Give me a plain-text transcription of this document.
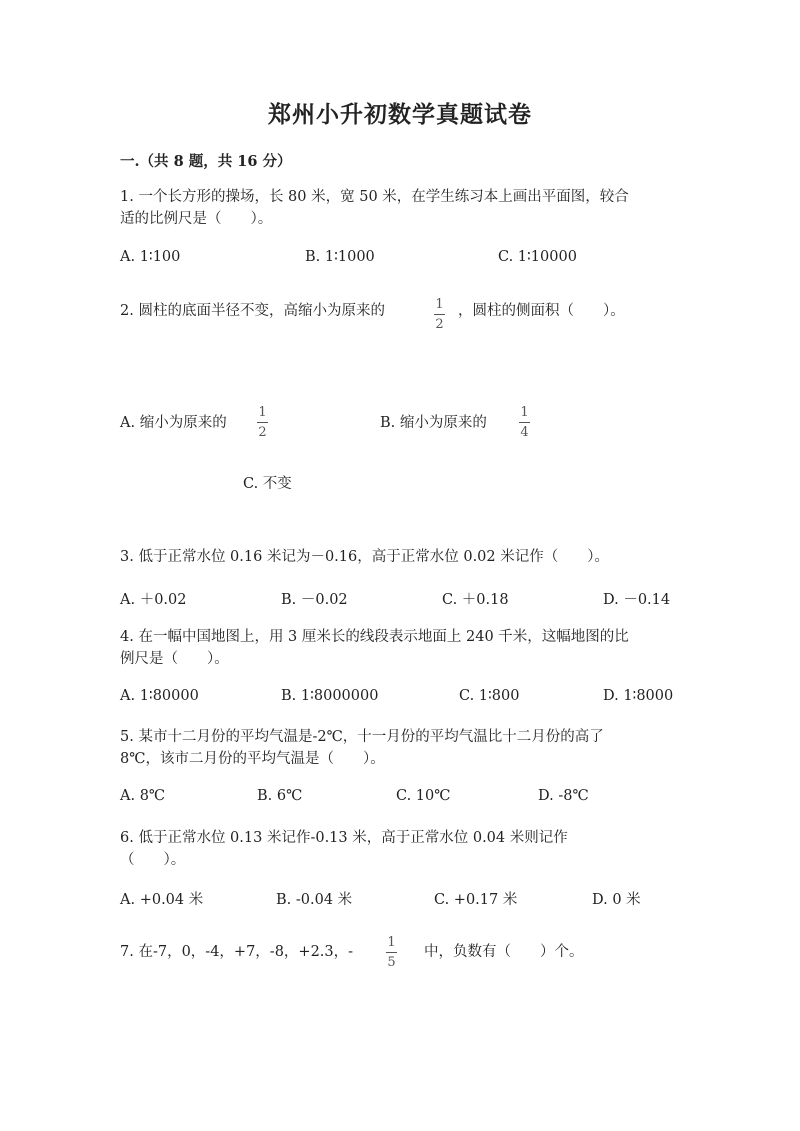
郑州小升初数学真题试卷
一.（共 8 题，共 16 分）
1. 一个长方形的操场，长 80 米，宽 50 米，在学生练习本上画出平面图，较合
适的比例尺是（　　）。
A. 1∶100	B. 1∶1000	C. 1∶10000
2. 圆柱的底面半径不变，高缩小为原来的	1
2
，圆柱的侧面积（　　）。
A. 缩小为原来的
1
2
B. 缩小为原来的
1
4
C. 不变
3. 低于正常水位 0.16 米记为－0.16，高于正常水位 0.02 米记作（　　）。
A. ＋0.02	B. －0.02	C. ＋0.18	D. －0.14
4. 在一幅中国地图上，用 3 厘米长的线段表示地面上 240 千米，这幅地图的比
例尺是（　　）。
A. 1∶80000	B. 1∶8000000	C. 1∶800	D. 1∶8000
5. 某市十二月份的平均气温是-2℃，十一月份的平均气温比十二月份的高了
8℃，该市二月份的平均气温是（　　）。
A. 8℃	B. 6℃	C. 10℃	D. -8℃
6. 低于正常水位 0.13 米记作-0.13 米，高于正常水位 0.04 米则记作
（　　）。
A. +0.04 米	B. -0.04 米	C. +0.17 米	D. 0 米
7. 在-7，0，-4，+7，-8，+2.3，-
1
5
中，负数有（　　）个。
